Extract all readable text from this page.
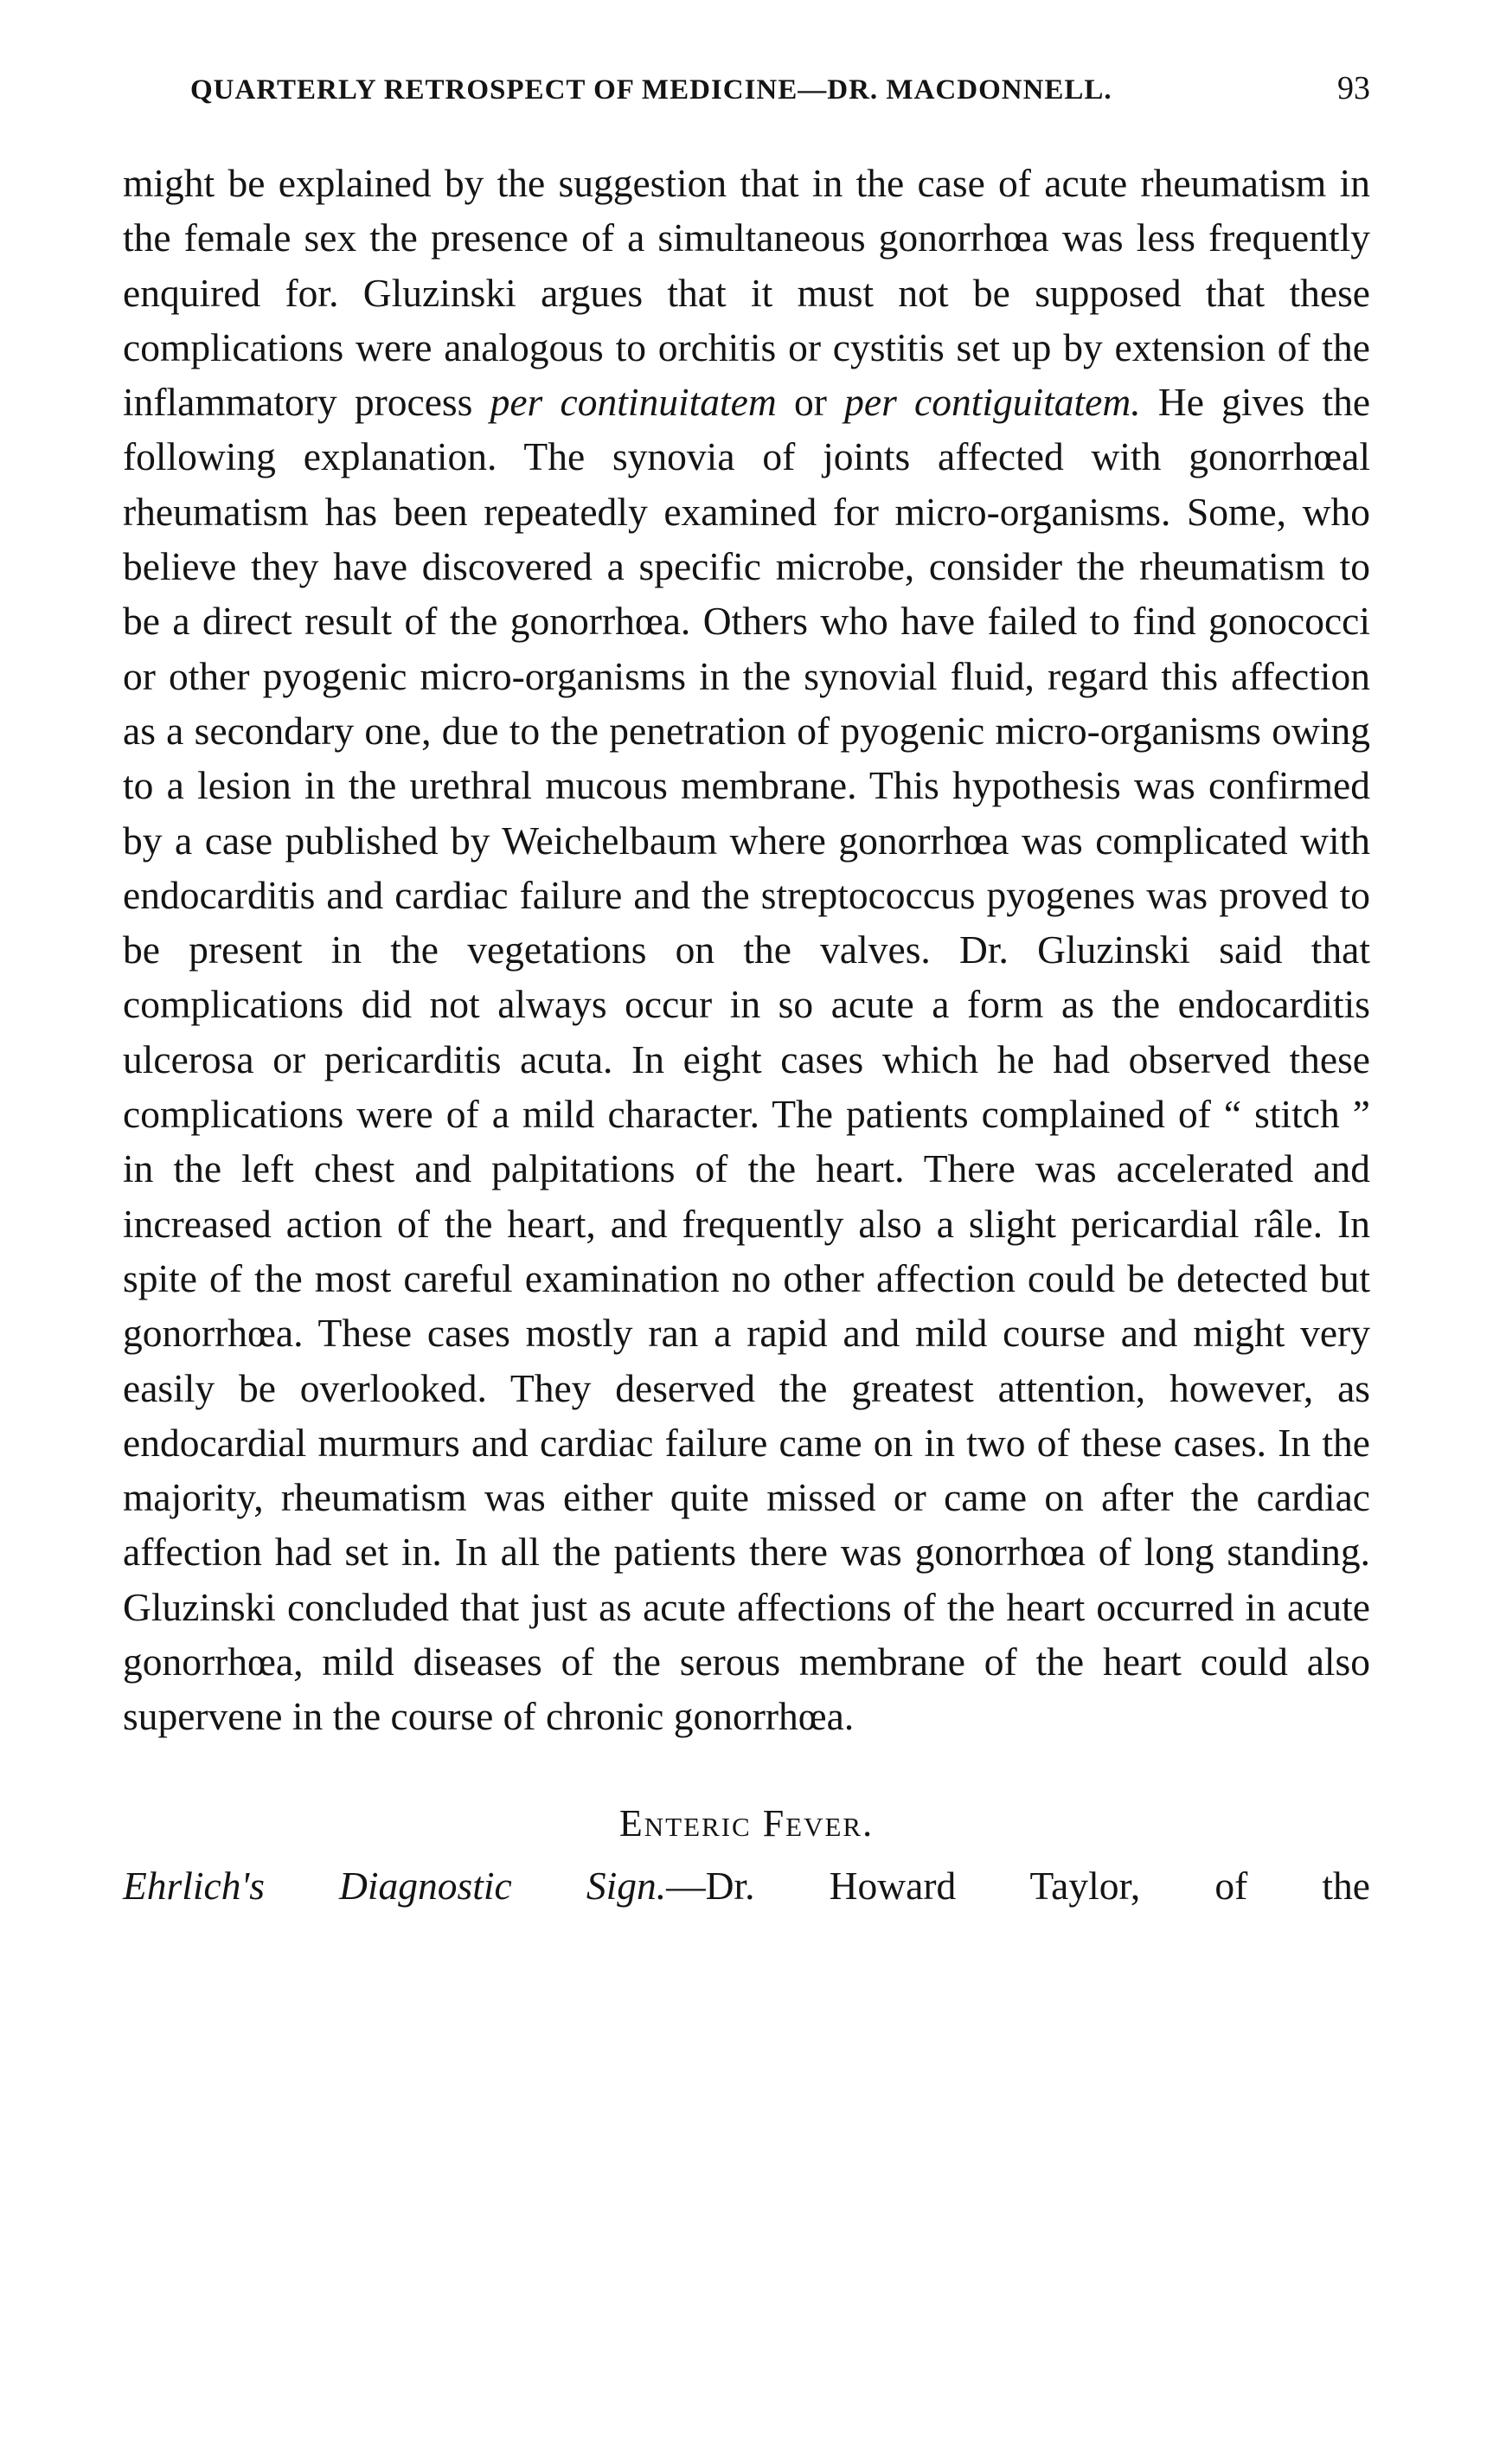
QUARTERLY RETROSPECT OF MEDICINE—DR. MACDONNELL.	93

might be explained by the suggestion that in the case of acute rheumatism in the female sex the presence of a simultaneous gonorrhœa was less frequently enquired for. Gluzinski argues that it must not be supposed that these complications were analogous to orchitis or cystitis set up by extension of the inflammatory process per continuitatem or per contiguitatem. He gives the following explanation. The synovia of joints affected with gonorrhœal rheumatism has been repeatedly examined for micro-organisms. Some, who believe they have discovered a specific microbe, consider the rheumatism to be a direct result of the gonorrhœa. Others who have failed to find gonococci or other pyogenic micro-organisms in the synovial fluid, regard this affection as a secondary one, due to the penetration of pyogenic micro-organisms owing to a lesion in the urethral mucous membrane. This hypothesis was confirmed by a case published by Weichelbaum where gonorrhœa was complicated with endocarditis and cardiac failure and the streptococcus pyogenes was proved to be present in the vegetations on the valves. Dr. Gluzinski said that complications did not always occur in so acute a form as the endocarditis ulcerosa or pericarditis acuta. In eight cases which he had observed these complications were of a mild character. The patients complained of “ stitch ” in the left chest and palpitations of the heart. There was accelerated and increased action of the heart, and frequently also a slight pericardial râle. In spite of the most careful examination no other affection could be detected but gonorrhœa. These cases mostly ran a rapid and mild course and might very easily be overlooked. They deserved the greatest attention, however, as endocardial murmurs and cardiac failure came on in two of these cases. In the majority, rheumatism was either quite missed or came on after the cardiac affection had set in. In all the patients there was gonorrhœa of long standing. Gluzinski concluded that just as acute affections of the heart occurred in acute gonorrhœa, mild diseases of the serous membrane of the heart could also supervene in the course of chronic gonorrhœa.

Enteric Fever.
Ehrlich's Diagnostic Sign.—Dr. Howard Taylor, of the
